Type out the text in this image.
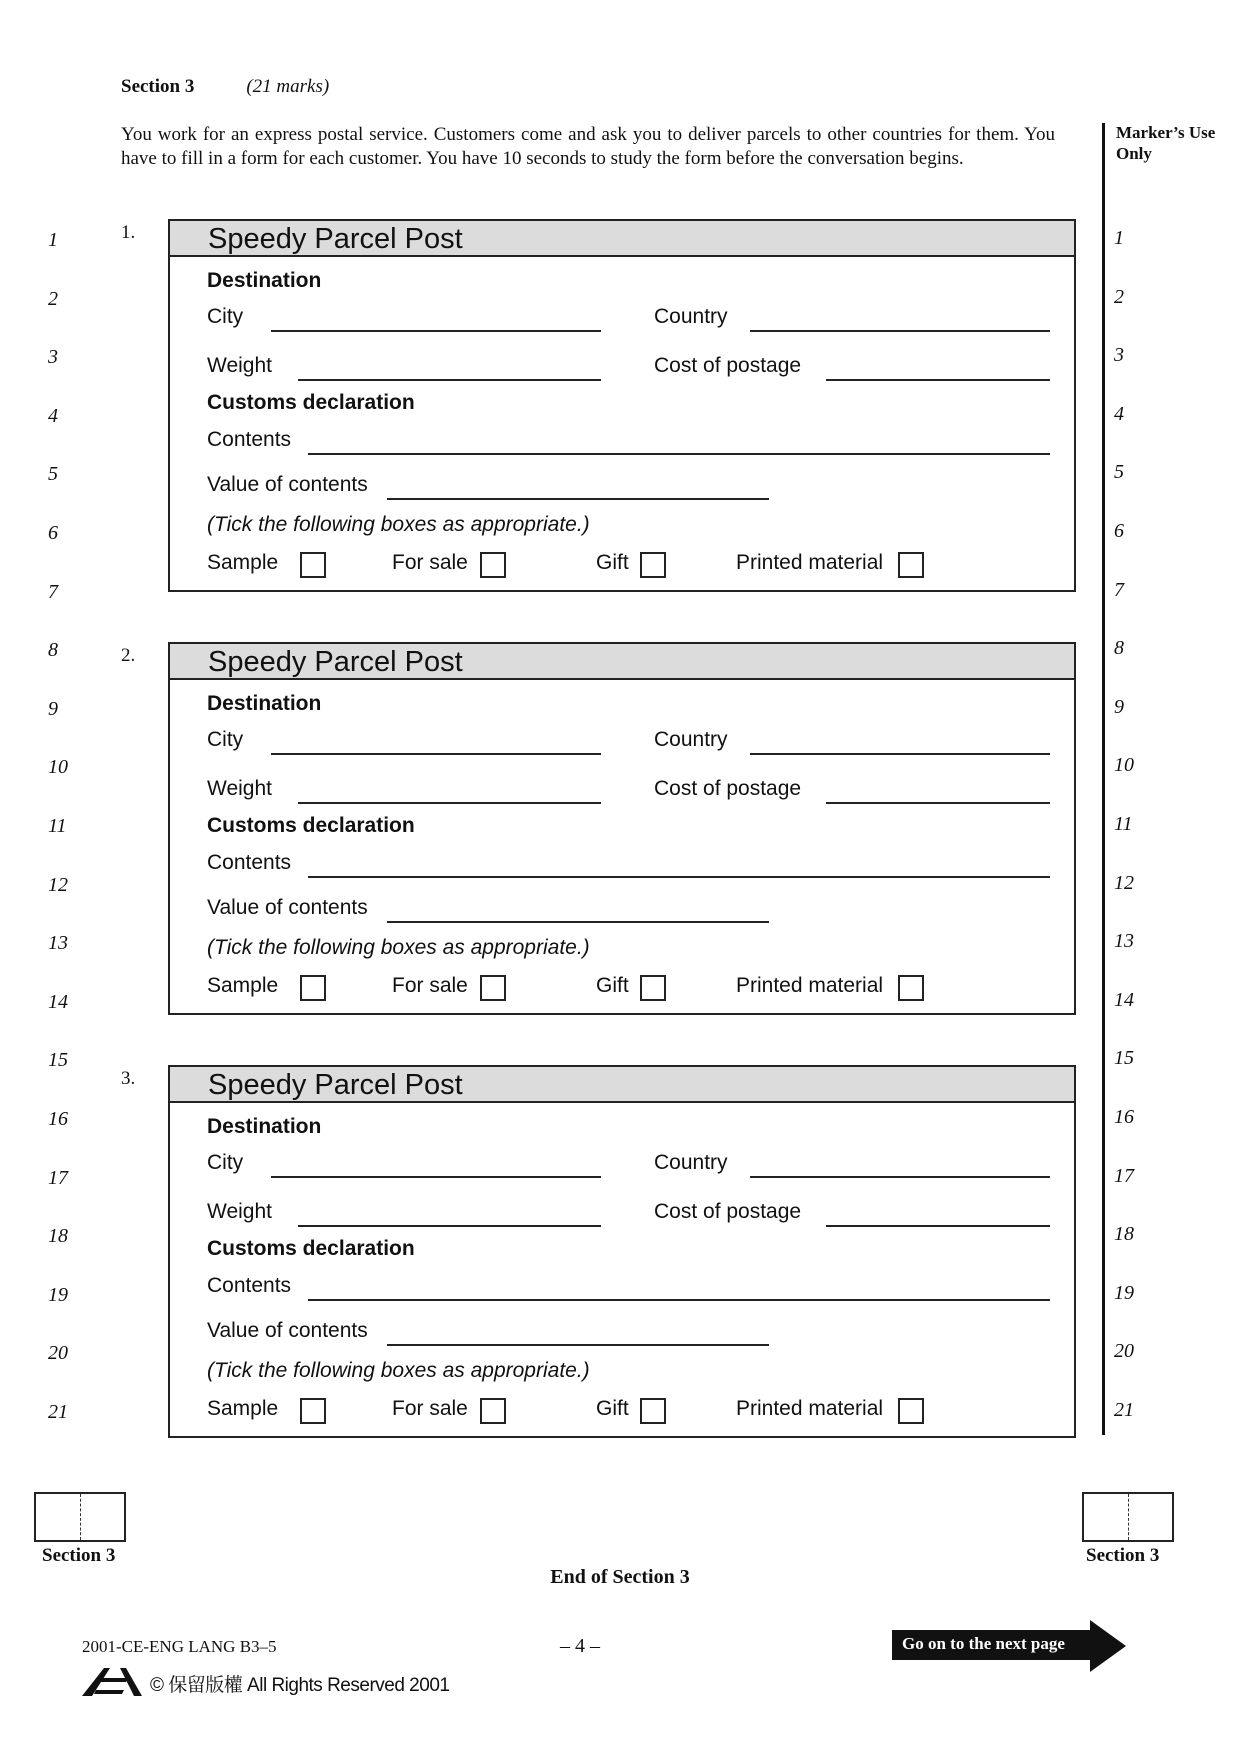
Section 3	(21 marks)
You work for an express postal service. Customers come and ask you to deliver parcels to other countries for them. You have to fill in a form for each customer. You have 10 seconds to study the form before the conversation begins.
Marker’s Use Only
1
2
3
4
5
6
7
8
9
10
11
12
13
14
15
16
17
18
19
20
21
1
2
3
4
5
6
7
8
9
10
11
12
13
14
15
16
17
18
19
20
21
1.	Speedy Parcel Post
Destination
City	Country
Weight	Cost of postage
Customs declaration
Contents
Value of contents
(Tick the following boxes as appropriate.)
Sample	For sale	Gift	Printed material
2.	Speedy Parcel Post
Destination
City	Country
Weight	Cost of postage
Customs declaration
Contents
Value of contents
(Tick the following boxes as appropriate.)
Sample	For sale	Gift	Printed material
3.	Speedy Parcel Post
Destination
City	Country
Weight	Cost of postage
Customs declaration
Contents
Value of contents
(Tick the following boxes as appropriate.)
Sample	For sale	Gift	Printed material
Section 3	Section 3
End of Section 3
2001-CE-ENG LANG B3–5	– 4 –
© 保留版權 All Rights Reserved 2001
Go on to the next page
